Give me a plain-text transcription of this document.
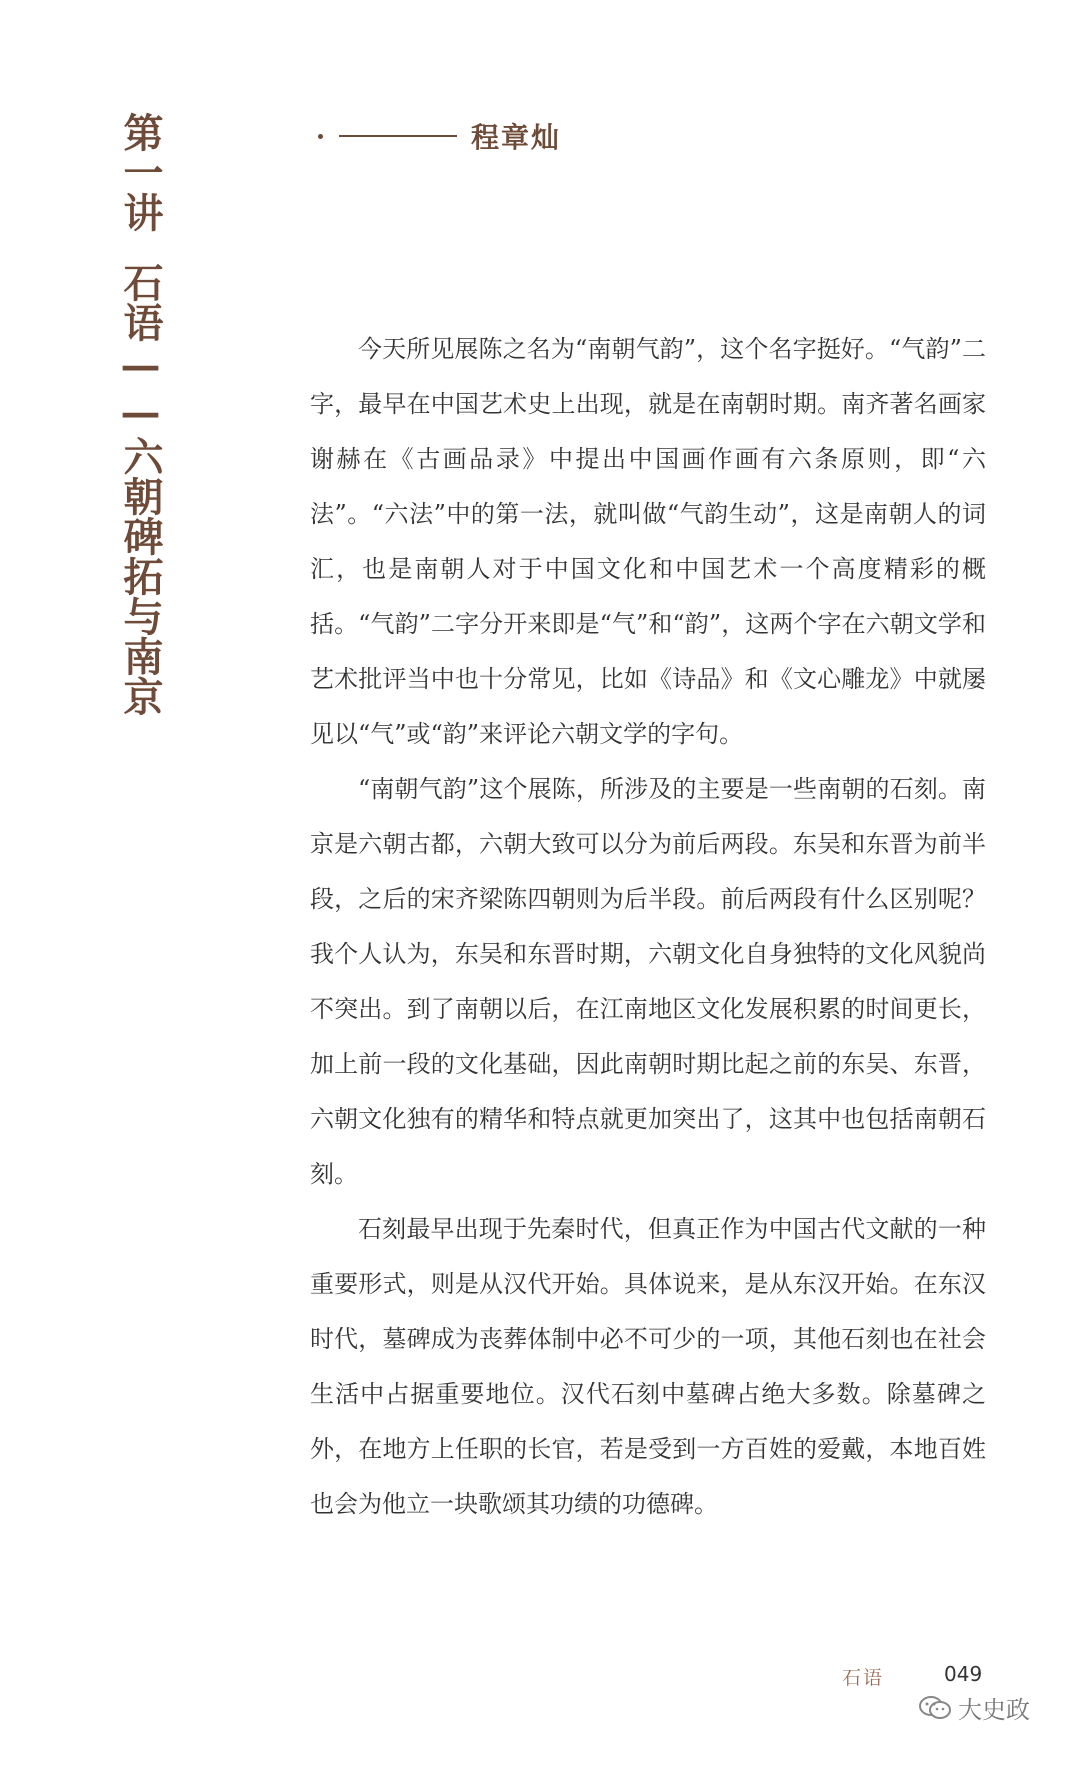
第一讲石语——六朝碑拓与南京
程章灿

今天所见展陈之名为“南朝气韵”，这个名字挺好。“气韵”二字，最早在中国艺术史上出现，就是在南朝时期。南齐著名画家谢赫在《古画品录》中提出中国画作画有六条原则，即“六法”。“六法”中的第一法，就叫做“气韵生动”，这是南朝人的词汇，也是南朝人对于中国文化和中国艺术一个高度精彩的概括。“气韵”二字分开来即是“气”和“韵”，这两个字在六朝文学和艺术批评当中也十分常见，比如《诗品》和《文心雕龙》中就屡见以“气”或“韵”来评论六朝文学的字句。

“南朝气韵”这个展陈，所涉及的主要是一些南朝的石刻。南京是六朝古都，六朝大致可以分为前后两段。东吴和东晋为前半段，之后的宋齐梁陈四朝则为后半段。前后两段有什么区别呢？我个人认为，东吴和东晋时期，六朝文化自身独特的文化风貌尚不突出。到了南朝以后，在江南地区文化发展积累的时间更长，加上前一段的文化基础，因此南朝时期比起之前的东吴、东晋，六朝文化独有的精华和特点就更加突出了，这其中也包括南朝石刻。

石刻最早出现于先秦时代，但真正作为中国古代文献的一种重要形式，则是从汉代开始。具体说来，是从东汉开始。在东汉时代，墓碑成为丧葬体制中必不可少的一项，其他石刻也在社会生活中占据重要地位。汉代石刻中墓碑占绝大多数。除墓碑之外，在地方上任职的长官，若是受到一方百姓的爱戴，本地百姓也会为他立一块歌颂其功绩的功德碑。

石语	049
大史政
